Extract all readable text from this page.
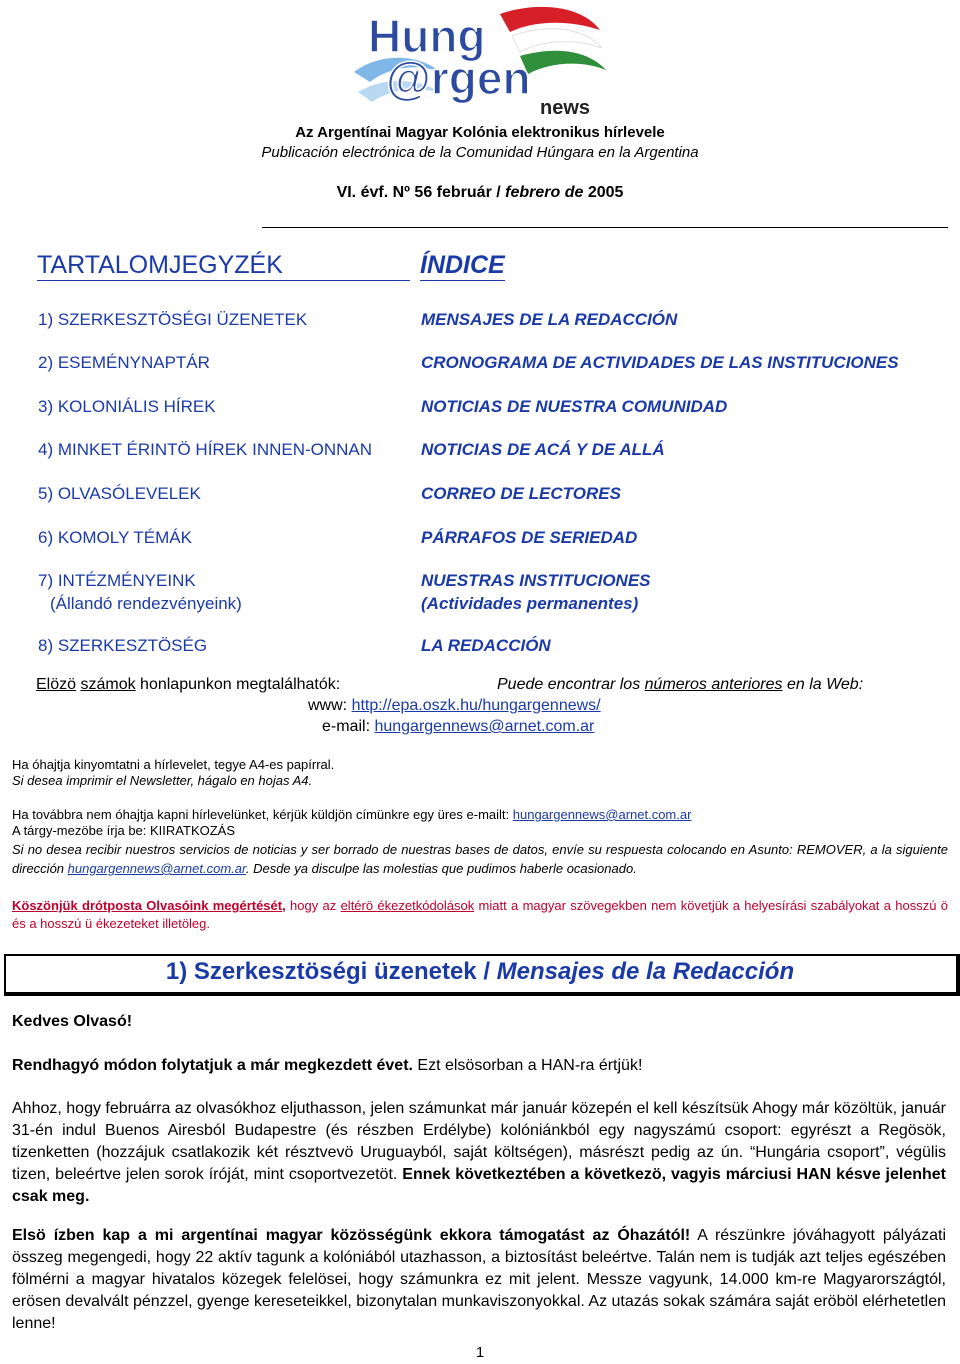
Hung
@rgen
news
Az Argentínai Magyar Kolónia elektronikus hírlevele
Publicación electrónica de la Comunidad Húngara en la Argentina
VI. évf. Nº 56 február / febrero de 2005
TARTALOMJEGYZÉK	ÍNDICE
1) SZERKESZTÖSÉGI ÜZENETEK	MENSAJES DE LA REDACCIÓN
2) ESEMÉNYNAPTÁR	CRONOGRAMA DE ACTIVIDADES DE LAS INSTITUCIONES
3) KOLONIÁLIS HÍREK	NOTICIAS DE NUESTRA COMUNIDAD
4) MINKET ÉRINTÖ HÍREK INNEN-ONNAN	NOTICIAS DE ACÁ Y DE ALLÁ
5) OLVASÓLEVELEK	CORREO DE LECTORES
6) KOMOLY TÉMÁK	PÁRRAFOS DE SERIEDAD
7) INTÉZMÉNYEINK	NUESTRAS INSTITUCIONES
(Állandó rendezvényeink)	(Actividades permanentes)
8) SZERKESZTÖSÉG	LA REDACCIÓN
Elözö számok honlapunkon megtalálhatók:	Puede encontrar los números anteriores en la Web:
www: http://epa.oszk.hu/hungargennews/
e-mail: hungargennews@arnet.com.ar
Ha óhajtja kinyomtatni a hírlevelet, tegye A4-es papírral.
Si desea imprimir el Newsletter, hágalo en hojas A4.
Ha továbbra nem óhajtja kapni hírlevelünket, kérjük küldjön címünkre egy üres e-mailt: hungargennews@arnet.com.ar
A tárgy-mezöbe írja be: KIIRATKOZÁS
Si no desea recibir nuestros servicios de noticias y ser borrado de nuestras bases de datos, envíe su respuesta colocando en Asunto: REMOVER, a la siguiente dirección hungargennews@arnet.com.ar. Desde ya disculpe las molestias que pudimos haberle ocasionado.
Köszönjük drótposta Olvasóink megértését, hogy az eltérö ékezetkódolások miatt a magyar szövegekben nem követjük a helyesírási szabályokat a hosszú ö és a hosszú ü ékezeteket illetöleg.
1) Szerkesztöségi üzenetek / Mensajes de la Redacción
Kedves Olvasó!

Rendhagyó módon folytatjuk a már megkezdett évet. Ezt elsösorban a HAN-ra értjük!

Ahhoz, hogy februárra az olvasókhoz eljuthasson, jelen számunkat már január közepén el kell készítsük Ahogy már közöltük, január 31-én indul Buenos Airesból Budapestre (és részben Erdélybe) kolóniánkból egy nagyszámú csoport: egyrészt a Regösök, tizenketten (hozzájuk csatlakozik két résztvevö Uruguayból, saját költségen), másrészt pedig az ún. “Hungária csoport”, végülis tizen, beleértve jelen sorok íróját, mint csoportvezetöt. Ennek következtében a következö, vagyis márciusi HAN késve jelenhet csak meg.

Elsö ízben kap a mi argentínai magyar közösségünk ekkora támogatást az Óhazától! A részünkre jóváhagyott pályázati összeg megengedi, hogy 22 aktív tagunk a kolóniából utazhasson, a biztosítást beleértve. Talán nem is tudják azt teljes egészében fölmérni a magyar hivatalos közegek felelösei, hogy számunkra ez mit jelent. Messze vagyunk, 14.000 km-re Magyarországtól, erösen devalvált pénzzel, gyenge kereseteikkel, bizonytalan munkaviszonyokkal. Az utazás sokak számára saját eröböl elérhetetlen lenne!

1
